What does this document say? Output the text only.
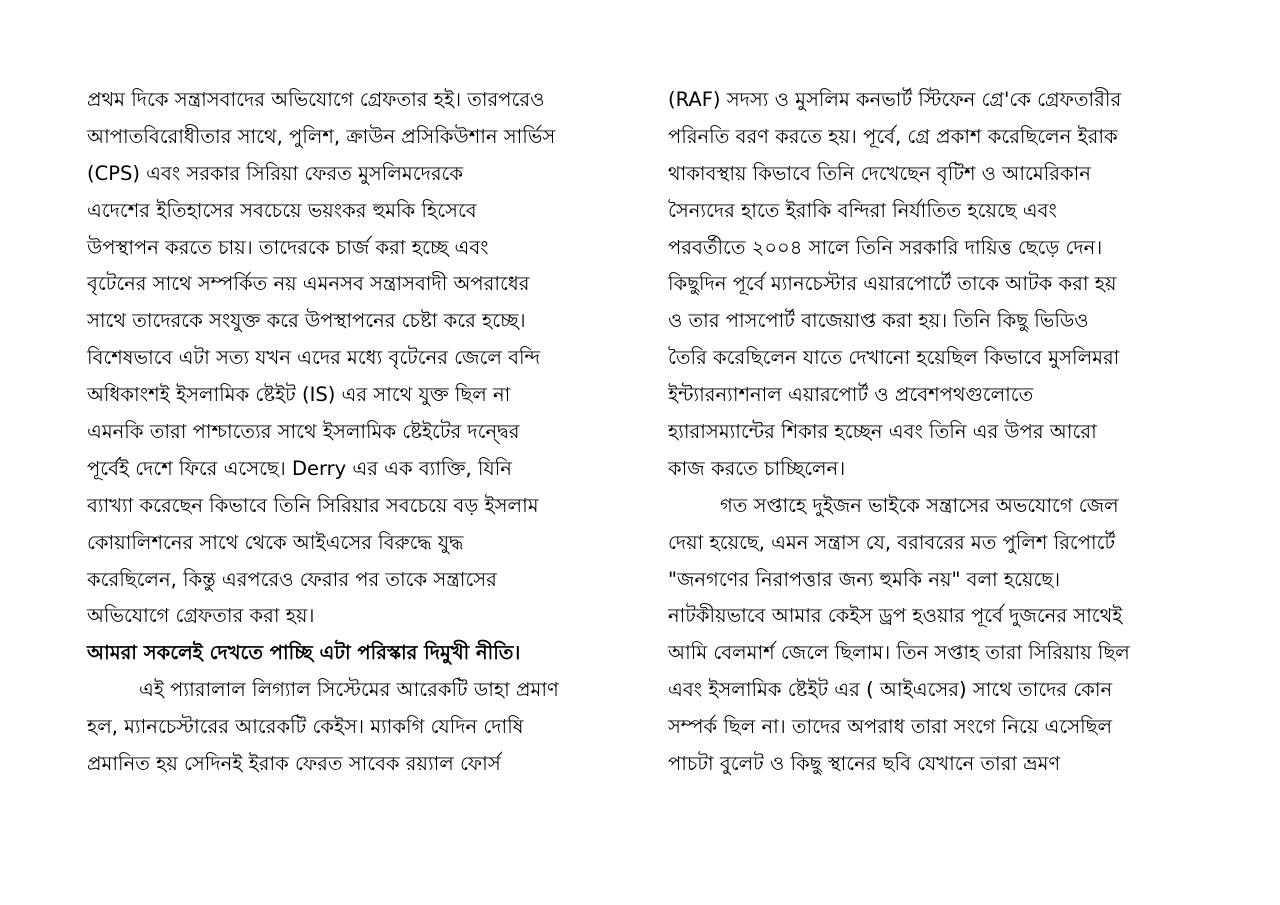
প্রথম দিকে সন্ত্রাসবাদের অভিযোগে গ্রেফতার হই। তারপরেও
আপাতবিরোধীতার সাথে, পুলিশ, ক্রাউন প্রসিকিউশান সার্ভিস
(CPS) এবং সরকার সিরিয়া ফেরত মুসলিমদেরকে
এদেশের ইতিহাসের সবচেয়ে ভয়ংকর হুমকি হিসেবে
উপস্থাপন করতে চায়। তাদেরকে চার্জ করা হচ্ছে এবং
বৃটেনের সাথে সম্পর্কিত নয় এমনসব সন্ত্রাসবাদী অপরাধের
সাথে তাদেরকে সংযুক্ত করে উপস্থাপনের চেষ্টা করে হচ্ছে।
বিশেষভাবে এটা সত্য যখন এদের মধ্যে বৃটেনের জেলে বন্দি
অধিকাংশই ইসলামিক ষ্টেইট (IS) এর সাথে যুক্ত ছিল না
এমনকি তারা পাশ্চাত্যের সাথে ইসলামিক ষ্টেইটের দন্দ্বের
পূর্বেই দেশে ফিরে এসেছে। Derry এর এক ব্যাক্তি, যিনি
ব্যাখ্যা করেছেন কিভাবে তিনি সিরিয়ার সবচেয়ে বড় ইসলাম
কোয়ালিশনের সাথে থেকে আইএসের বিরুদ্ধে যুদ্ধ
করেছিলেন, কিন্তু এরপরেও ফেরার পর তাকে সন্ত্রাসের
অভিযোগে গ্রেফতার করা হয়।
আমরা সকলেই দেখতে পাচ্ছি এটা পরিস্কার দিমুখী নীতি।
এই প্যারালাল লিগ্যাল সিস্টেমের আরেকটি ডাহা প্রমাণ
হল, ম্যানচেস্টারের আরেকটি কেইস। ম্যাকগি যেদিন দোষি
প্রমানিত হয় সেদিনই ইরাক ফেরত সাবেক রয়্যাল ফোর্স
(RAF) সদস্য ও মুসলিম কনভার্ট স্টিফেন গ্রে'কে গ্রেফতারীর
পরিনতি বরণ করতে হয়। পূর্বে, গ্রে প্রকাশ করেছিলেন ইরাক
থাকাবস্থায় কিভাবে তিনি দেখেছেন বৃটিশ ও আমেরিকান
সৈন্যদের হাতে ইরাকি বন্দিরা নির্যাতিত হয়েছে এবং
পরবর্তীতে ২০০৪ সালে তিনি সরকারি দায়িত্ত ছেড়ে দেন।
কিছুদিন পূর্বে ম্যানচেস্টার এয়ারপোর্টে তাকে আটক করা হয়
ও তার পাসপোর্ট বাজেয়াপ্ত করা হয়। তিনি কিছু ভিডিও
তৈরি করেছিলেন যাতে দেখানো হয়েছিল কিভাবে মুসলিমরা
ইন্ট্যারন্যাশনাল এয়ারপোর্ট ও প্রবেশপথগুলোতে
হ্যারাসম্যান্টের শিকার হচ্ছেন এবং তিনি এর উপর আরো
কাজ করতে চাচ্ছিলেন।
গত সপ্তাহে দুইজন ভাইকে সন্ত্রাসের অভযোগে জেল
দেয়া হয়েছে, এমন সন্ত্রাস যে, বরাবরের মত পুলিশ রিপোর্টে
"জনগণের নিরাপত্তার জন্য হুমকি নয়" বলা হয়েছে।
নাটকীয়ভাবে আমার কেইস ড্রপ হওয়ার পূর্বে দুজনের সাথেই
আমি বেলমার্শ জেলে ছিলাম। তিন সপ্তাহ তারা সিরিয়ায় ছিল
এবং ইসলামিক ষ্টেইট এর ( আইএসের) সাথে তাদের কোন
সম্পর্ক ছিল না। তাদের অপরাধ তারা সংগে নিয়ে এসেছিল
পাচটা বুলেট ও কিছু স্থানের ছবি যেখানে তারা ভ্রমণ
